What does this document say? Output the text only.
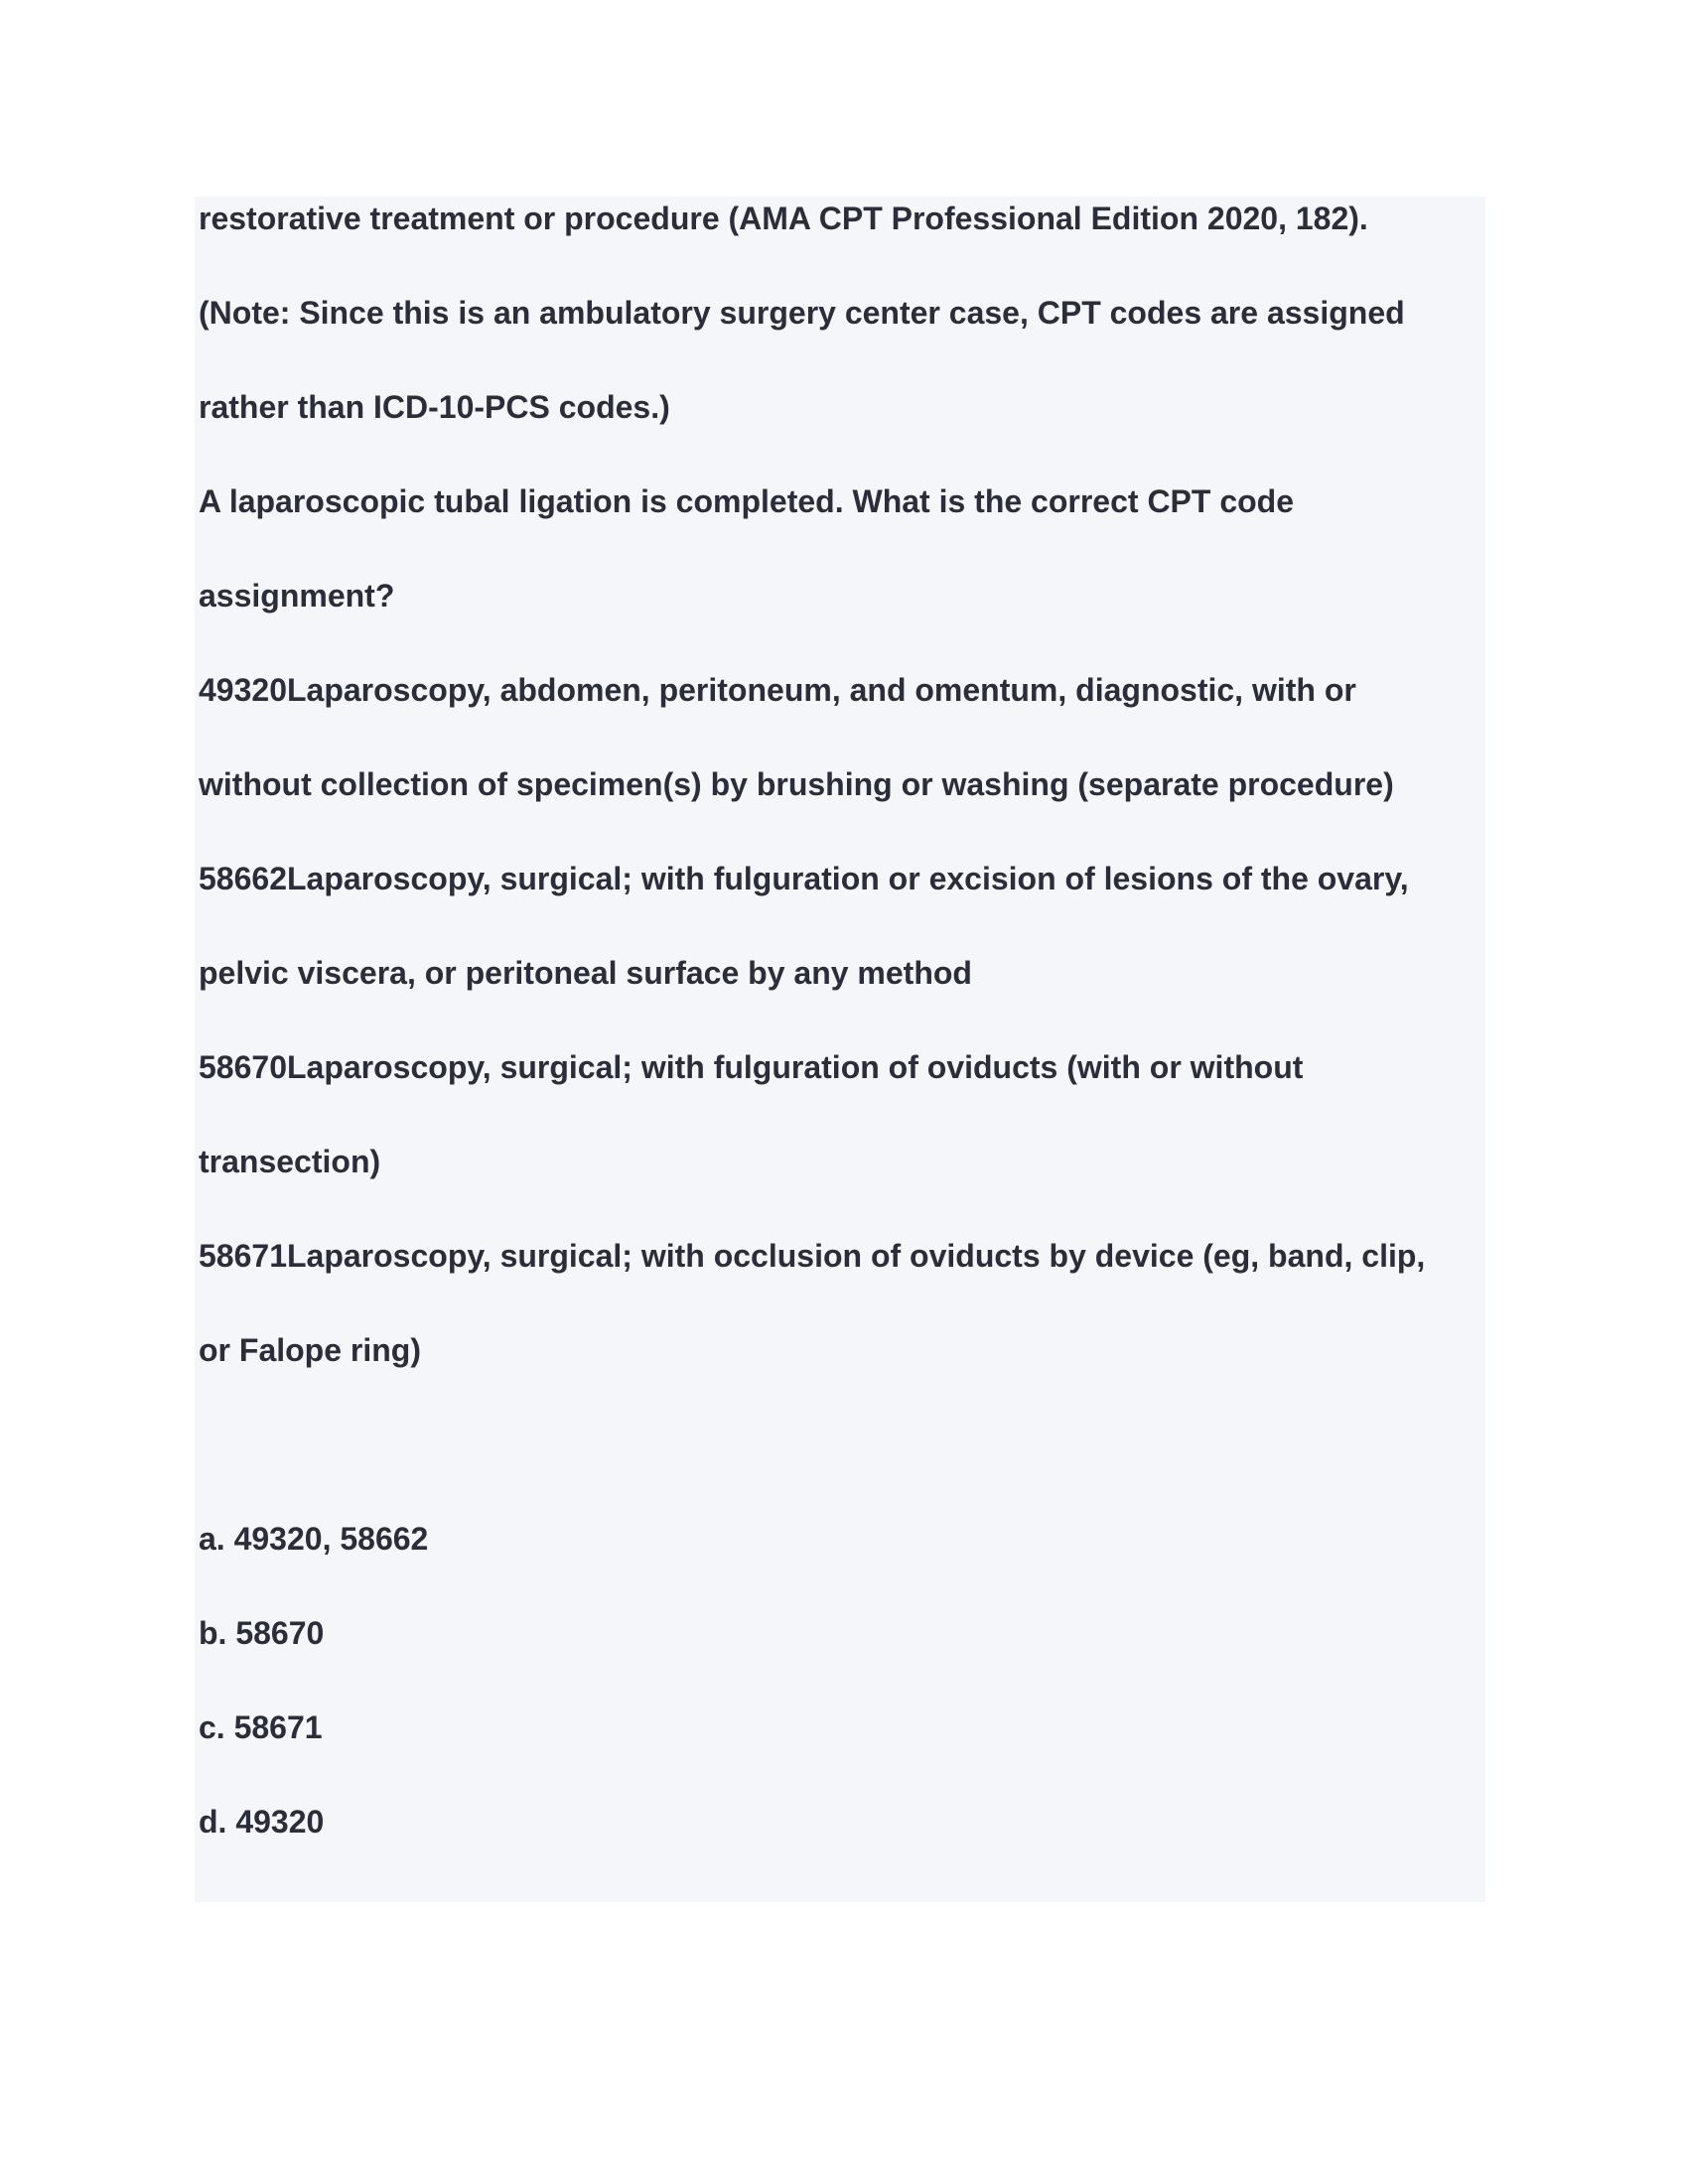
restorative treatment or procedure (AMA CPT Professional Edition 2020, 182).

(Note: Since this is an ambulatory surgery center case, CPT codes are assigned

rather than ICD-10-PCS codes.)

A laparoscopic tubal ligation is completed. What is the correct CPT code

assignment?

49320Laparoscopy, abdomen, peritoneum, and omentum, diagnostic, with or

without collection of specimen(s) by brushing or washing (separate procedure)

58662Laparoscopy, surgical; with fulguration or excision of lesions of the ovary,

pelvic viscera, or peritoneal surface by any method

58670Laparoscopy, surgical; with fulguration of oviducts (with or without

transection)

58671Laparoscopy, surgical; with occlusion of oviducts by device (eg, band, clip,

or Falope ring)

a. 49320, 58662

b. 58670

c. 58671

d. 49320
